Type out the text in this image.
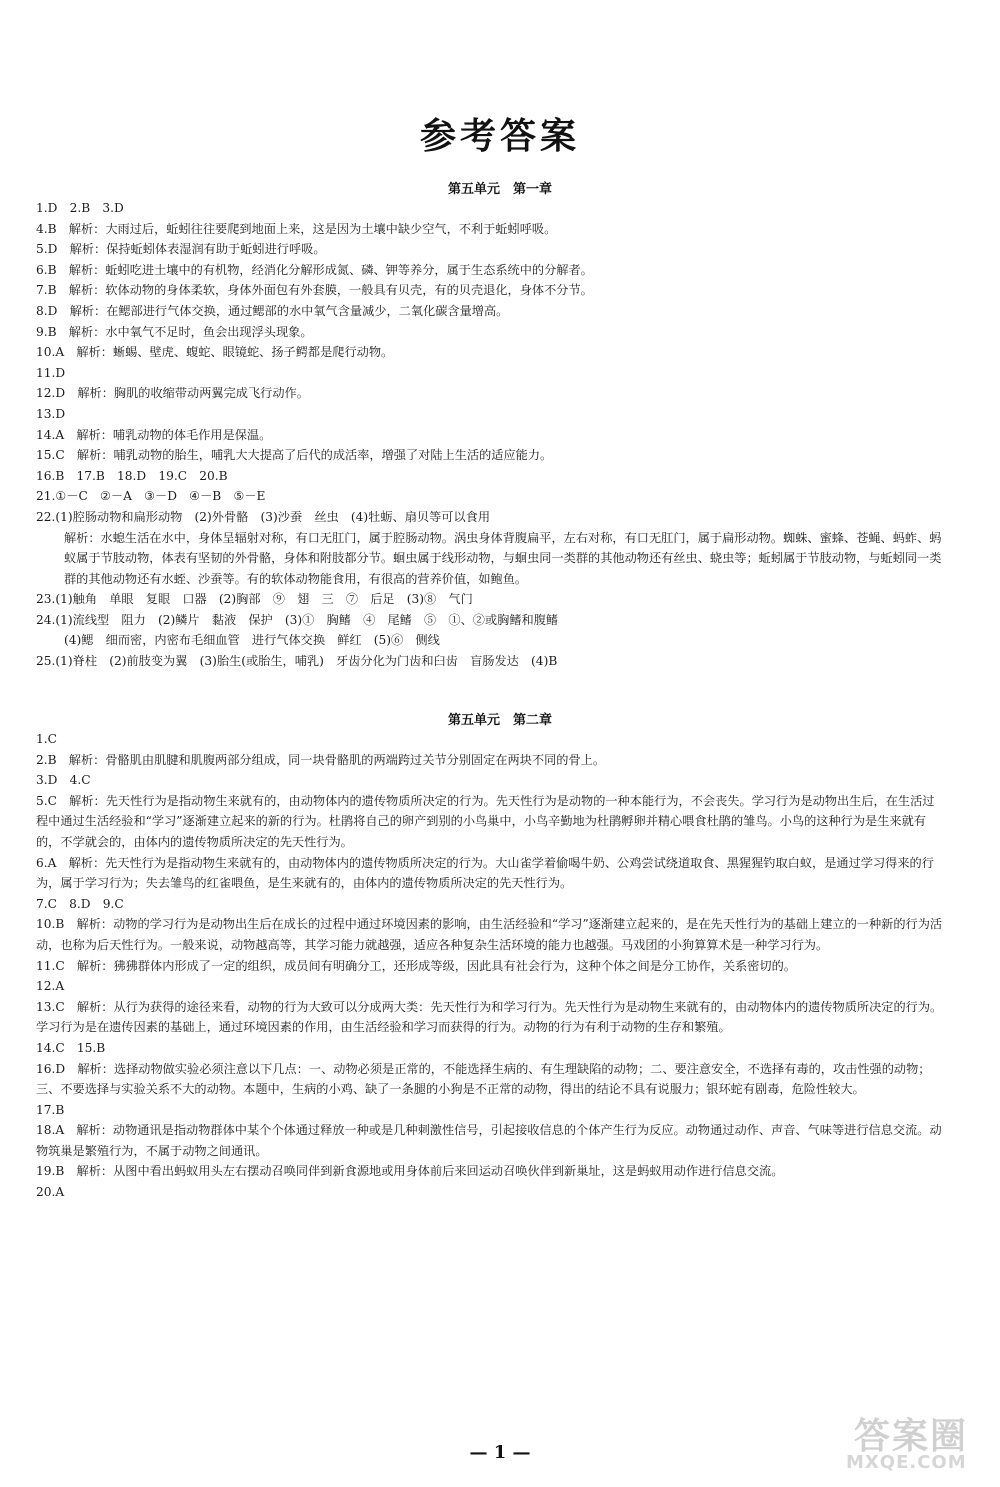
参考答案
第五单元　第一章

1.D　2.B　3.D

4.B　解析：大雨过后，蚯蚓往往要爬到地面上来，这是因为土壤中缺少空气，不利于蚯蚓呼吸。

5.D　解析：保持蚯蚓体表湿润有助于蚯蚓进行呼吸。

6.B　解析：蚯蚓吃进土壤中的有机物，经消化分解形成氮、磷、钾等养分，属于生态系统中的分解者。

7.B　解析：软体动物的身体柔软，身体外面包有外套膜，一般具有贝壳，有的贝壳退化，身体不分节。

8.D　解析：在鳃部进行气体交换，通过鳃部的水中氧气含量减少，二氧化碳含量增高。

9.B　解析：水中氧气不足时，鱼会出现浮头现象。

10.A　解析：蜥蜴、壁虎、蝮蛇、眼镜蛇、扬子鳄都是爬行动物。

11.D

12.D　解析：胸肌的收缩带动两翼完成飞行动作。

13.D

14.A　解析：哺乳动物的体毛作用是保温。

15.C　解析：哺乳动物的胎生，哺乳大大提高了后代的成活率，增强了对陆上生活的适应能力。

16.B　17.B　18.D　19.C　20.B

21.①－C　②－A　③－D　④－B　⑤－E

22.(1)腔肠动物和扁形动物　(2)外骨骼　(3)沙蚕　丝虫　(4)牡蛎、扇贝等可以食用

解析：水螅生活在水中，身体呈辐射对称，有口无肛门，属于腔肠动物。涡虫身体背腹扁平，左右对称，有口无肛门，属于扁形动物。蜘蛛、蜜蜂、苍蝇、蚂蚱、蚂蚁属于节肢动物，体表有坚韧的外骨骼，身体和附肢都分节。蛔虫属于线形动物，与蛔虫同一类群的其他动物还有丝虫、蛲虫等；蚯蚓属于节肢动物，与蚯蚓同一类群的其他动物还有水蛭、沙蚕等。有的软体动物能食用，有很高的营养价值，如鲍鱼。

23.(1)触角　单眼　复眼　口器　(2)胸部　⑨　翅　三　⑦　后足　(3)⑧　气门

24.(1)流线型　阻力　(2)鳞片　黏液　保护　(3)①　胸鳍　④　尾鳍　⑤　①、②或胸鳍和腹鳍

(4)鳃　细而密，内密布毛细血管　进行气体交换　鲜红　(5)⑥　侧线

25.(1)脊柱　(2)前肢变为翼　(3)胎生(或胎生，哺乳)　牙齿分化为门齿和臼齿　盲肠发达　(4)B

第五单元　第二章

1.C

2.B　解析：骨骼肌由肌腱和肌腹两部分组成，同一块骨骼肌的两端跨过关节分别固定在两块不同的骨上。

3.D　4.C

5.C　解析：先天性行为是指动物生来就有的，由动物体内的遗传物质所决定的行为。先天性行为是动物的一种本能行为，不会丧失。学习行为是动物出生后，在生活过程中通过生活经验和“学习”逐渐建立起来的新的行为。杜鹃将自己的卵产到别的小鸟巢中，小鸟辛勤地为杜鹃孵卵并精心喂食杜鹃的雏鸟。小鸟的这种行为是生来就有的，不学就会的，由体内的遗传物质所决定的先天性行为。

6.A　解析：先天性行为是指动物生来就有的，由动物体内的遗传物质所决定的行为。大山雀学着偷喝牛奶、公鸡尝试绕道取食、黑猩猩钓取白蚁，是通过学习得来的行为，属于学习行为；失去雏鸟的红雀喂鱼，是生来就有的，由体内的遗传物质所决定的先天性行为。

7.C　8.D　9.C

10.B　解析：动物的学习行为是动物出生后在成长的过程中通过环境因素的影响，由生活经验和“学习”逐渐建立起来的，是在先天性行为的基础上建立的一种新的行为活动，也称为后天性行为。一般来说，动物越高等，其学习能力就越强，适应各种复杂生活环境的能力也越强。马戏团的小狗算算术是一种学习行为。

11.C　解析：狒狒群体内形成了一定的组织，成员间有明确分工，还形成等级，因此具有社会行为，这种个体之间是分工协作，关系密切的。

12.A

13.C　解析：从行为获得的途径来看，动物的行为大致可以分成两大类：先天性行为和学习行为。先天性行为是动物生来就有的，由动物体内的遗传物质所决定的行为。学习行为是在遗传因素的基础上，通过环境因素的作用，由生活经验和学习而获得的行为。动物的行为有利于动物的生存和繁殖。

14.C　15.B

16.D　解析：选择动物做实验必须注意以下几点：一、动物必须是正常的，不能选择生病的、有生理缺陷的动物；二、要注意安全，不选择有毒的，攻击性强的动物；三、不要选择与实验关系不大的动物。本题中，生病的小鸡、缺了一条腿的小狗是不正常的动物，得出的结论不具有说服力；银环蛇有剧毒，危险性较大。

17.B

18.A　解析：动物通讯是指动物群体中某个个体通过释放一种或是几种刺激性信号，引起接收信息的个体产生行为反应。动物通过动作、声音、气味等进行信息交流。动物筑巢是繁殖行为，不属于动物之间通讯。

19.B　解析：从图中看出蚂蚁用头左右摆动召唤同伴到新食源地或用身体前后来回运动召唤伙伴到新巢址，这是蚂蚁用动作进行信息交流。

20.A

— 1 —	答案圈
MXQE.COM
